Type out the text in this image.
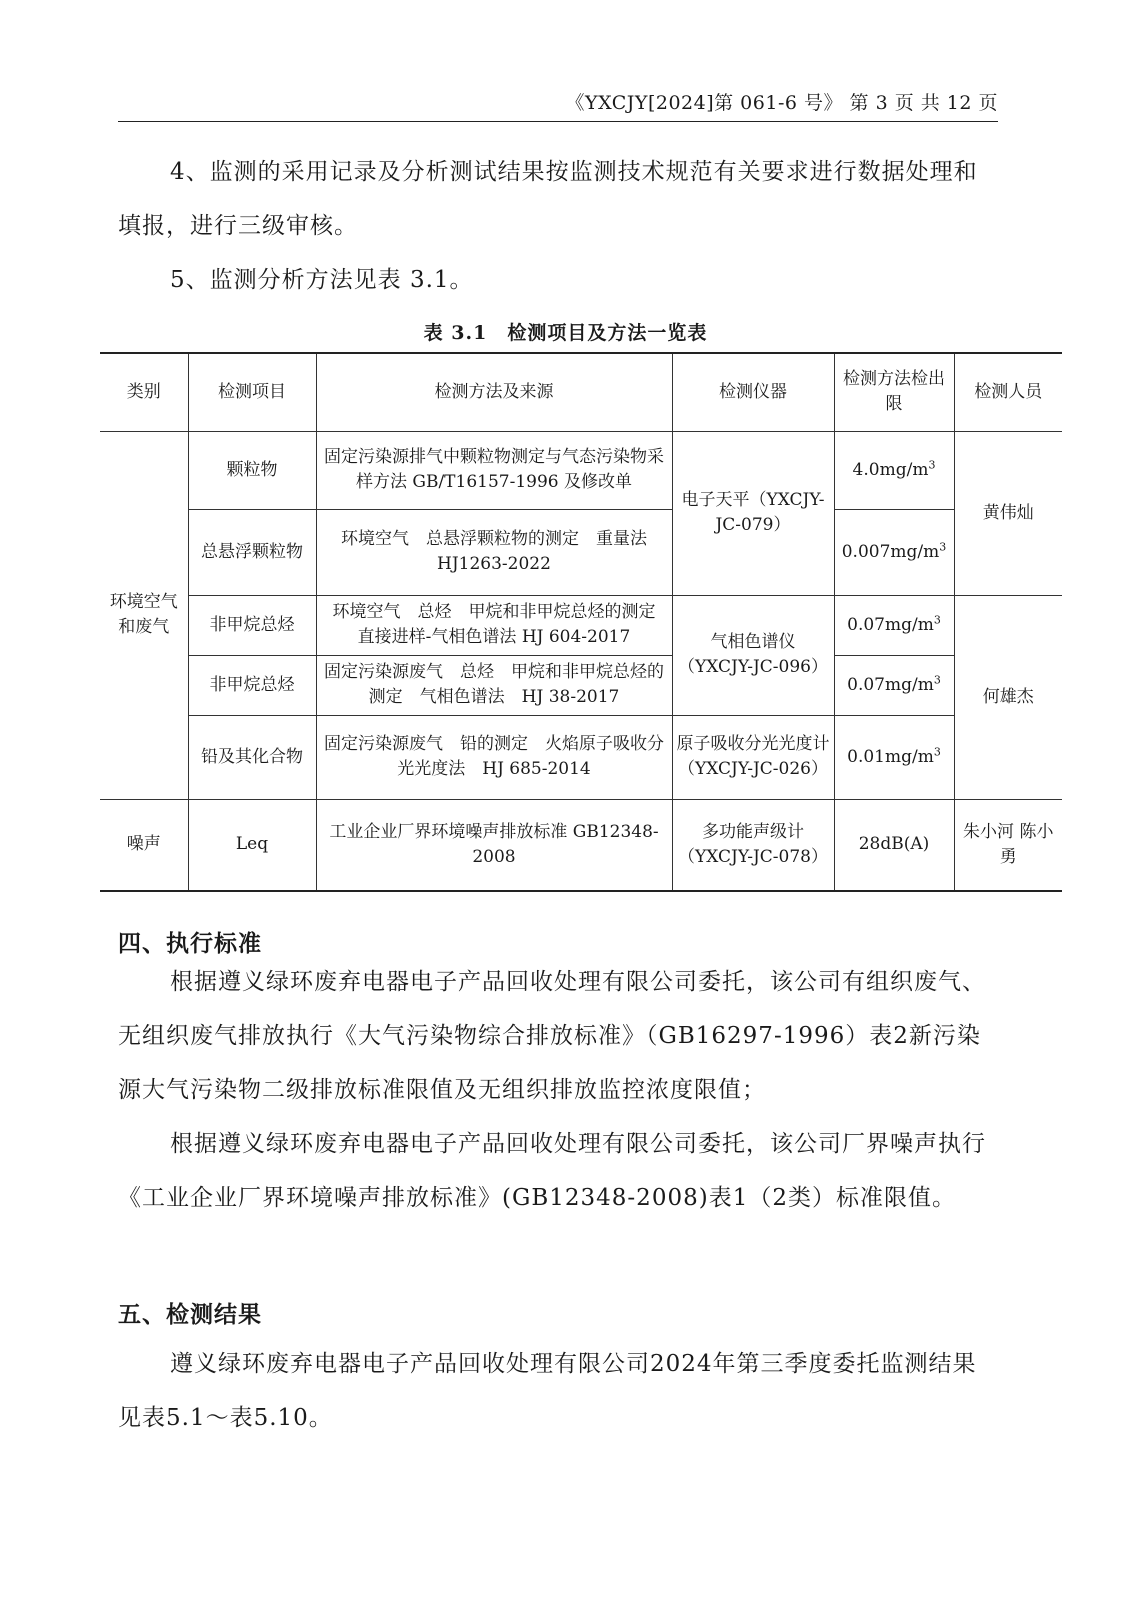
《YXCJY[2024]第 061-6 号》 第 3 页 共 12 页

4、监测的采用记录及分析测试结果按监测技术规范有关要求进行数据处理和填报，进行三级审核。

5、监测分析方法见表 3.1。

表 3.1　检测项目及方法一览表
类别	检测项目	检测方法及来源	检测仪器	检测方法检出限	检测人员
环境空气和废气	颗粒物	固定污染源排气中颗粒物测定与气态污染物采样方法 GB/T16157-1996 及修改单	电子天平（YXCJY-JC-079）	$4.0mg/m^3$	黄伟灿
	总悬浮颗粒物	环境空气　总悬浮颗粒物的测定　重量法 HJ1263-2022		$0.007mg/m^3$
	非甲烷总烃	环境空气　总烃　甲烷和非甲烷总烃的测定　直接进样-气相色谱法 HJ 604-2017	气相色谱仪（YXCJY-JC-096）	$0.07mg/m^3$	何雄杰
	非甲烷总烃	固定污染源废气　总烃　甲烷和非甲烷总烃的测定　气相色谱法　HJ 38-2017		$0.07mg/m^3$
	铅及其化合物	固定污染源废气　铅的测定　火焰原子吸收分光光度法　HJ 685-2014	原子吸收分光光度计（YXCJY-JC-026）	$0.01mg/m^3$
噪声	Leq	工业企业厂界环境噪声排放标准 GB12348-2008	多功能声级计（YXCJY-JC-078）	28dB(A)	朱小河 陈小勇
四、执行标准

根据遵义绿环废弃电器电子产品回收处理有限公司委托，该公司有组织废气、无组织废气排放执行《大气污染物综合排放标准》（GB16297-1996）表2新污染源大气污染物二级排放标准限值及无组织排放监控浓度限值；

根据遵义绿环废弃电器电子产品回收处理有限公司委托，该公司厂界噪声执行《工业企业厂界环境噪声排放标准》(GB12348-2008)表1（2类）标准限值。

五、检测结果

遵义绿环废弃电器电子产品回收处理有限公司2024年第三季度委托监测结果见表5.1～表5.10。
